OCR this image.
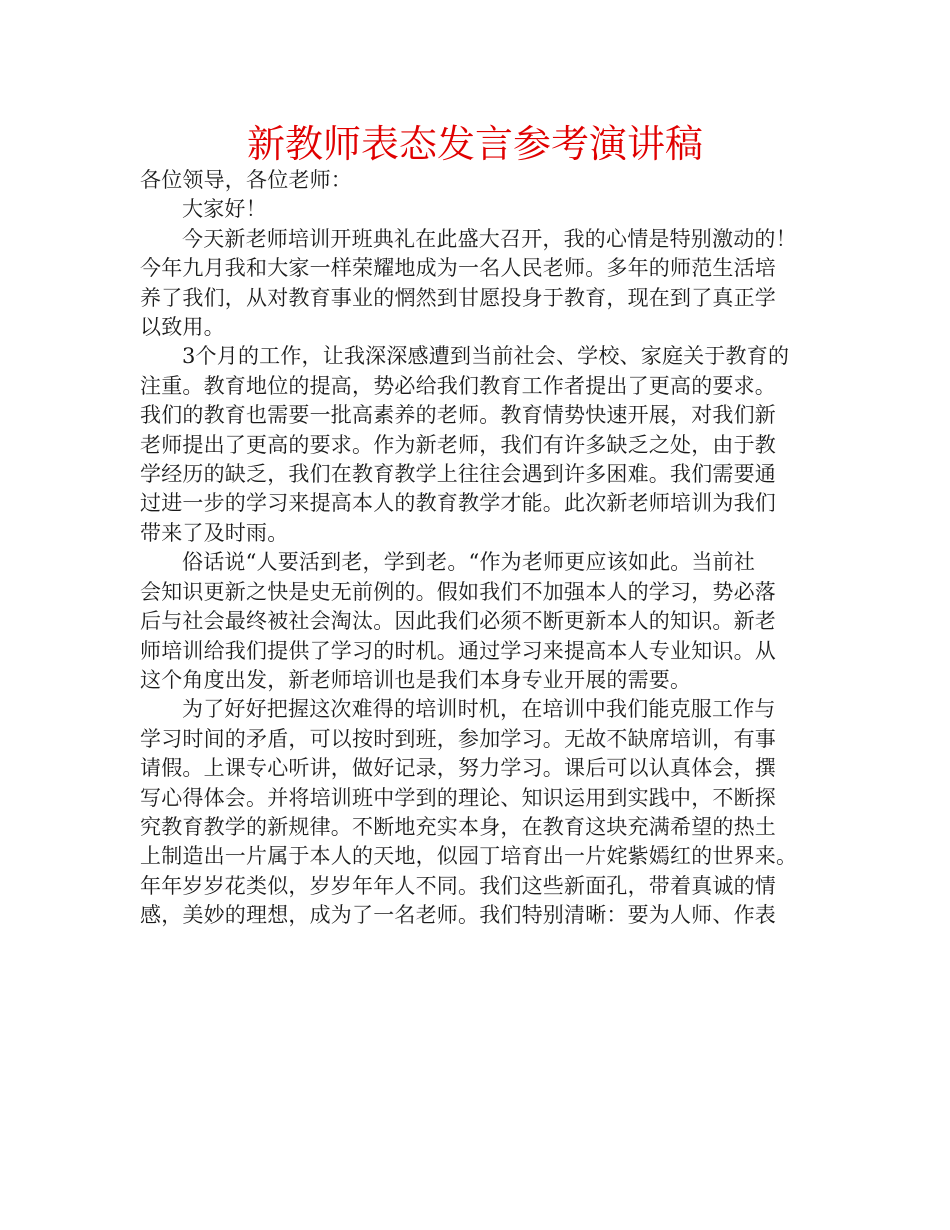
新教师表态发言参考演讲稿

各位领导，各位老师：

大家好！

今天新老师培训开班典礼在此盛大召开，我的心情是特别激动的！
今年九月我和大家一样荣耀地成为一名人民老师。多年的师范生活培
养了我们，从对教育事业的惘然到甘愿投身于教育，现在到了真正学
以致用。

3个月的工作，让我深深感遭到当前社会、学校、家庭关于教育的
注重。教育地位的提高，势必给我们教育工作者提出了更高的要求。
我们的教育也需要一批高素养的老师。教育情势快速开展，对我们新
老师提出了更高的要求。作为新老师，我们有许多缺乏之处，由于教
学经历的缺乏，我们在教育教学上往往会遇到许多困难。我们需要通
过进一步的学习来提高本人的教育教学才能。此次新老师培训为我们
带来了及时雨。

俗话说“人要活到老，学到老。“作为老师更应该如此。当前社
会知识更新之快是史无前例的。假如我们不加强本人的学习，势必落
后与社会最终被社会淘汰。因此我们必须不断更新本人的知识。新老
师培训给我们提供了学习的时机。通过学习来提高本人专业知识。从
这个角度出发，新老师培训也是我们本身专业开展的需要。

为了好好把握这次难得的培训时机，在培训中我们能克服工作与
学习时间的矛盾，可以按时到班，参加学习。无故不缺席培训，有事
请假。上课专心听讲，做好记录，努力学习。课后可以认真体会，撰
写心得体会。并将培训班中学到的理论、知识运用到实践中，不断探
究教育教学的新规律。不断地充实本身，在教育这块充满希望的热土
上制造出一片属于本人的天地，似园丁培育出一片姹紫嫣红的世界来。
年年岁岁花类似，岁岁年年人不同。我们这些新面孔，带着真诚的情
感，美妙的理想，成为了一名老师。我们特别清晰：要为人师、作表
